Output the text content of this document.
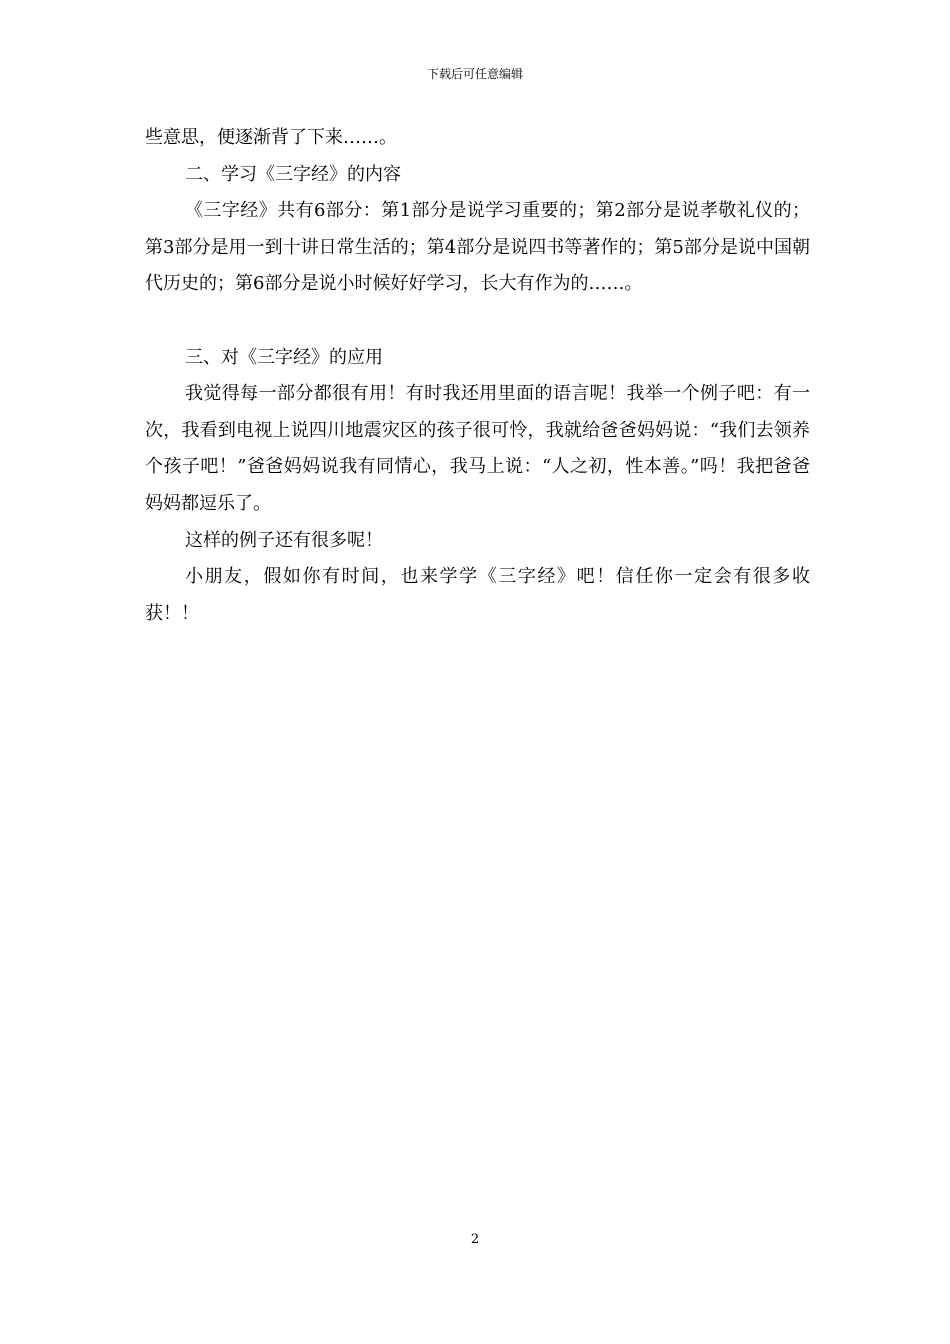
下载后可任意编辑

些意思，便逐渐背了下来……。

二、学习《三字经》的内容

《三字经》共有6部分：第1部分是说学习重要的；第2部分是说孝敬礼仪的；第3部分是用一到十讲日常生活的；第4部分是说四书等著作的；第5部分是说中国朝代历史的；第6部分是说小时候好好学习，长大有作为的……。

三、对《三字经》的应用

我觉得每一部分都很有用！有时我还用里面的语言呢！我举一个例子吧：有一次，我看到电视上说四川地震灾区的孩子很可怜，我就给爸爸妈妈说：“我们去领养个孩子吧！”爸爸妈妈说我有同情心，我马上说：“人之初，性本善。”吗！我把爸爸妈妈都逗乐了。

这样的例子还有很多呢！

小朋友，假如你有时间，也来学学《三字经》吧！信任你一定会有很多收获！！

2
